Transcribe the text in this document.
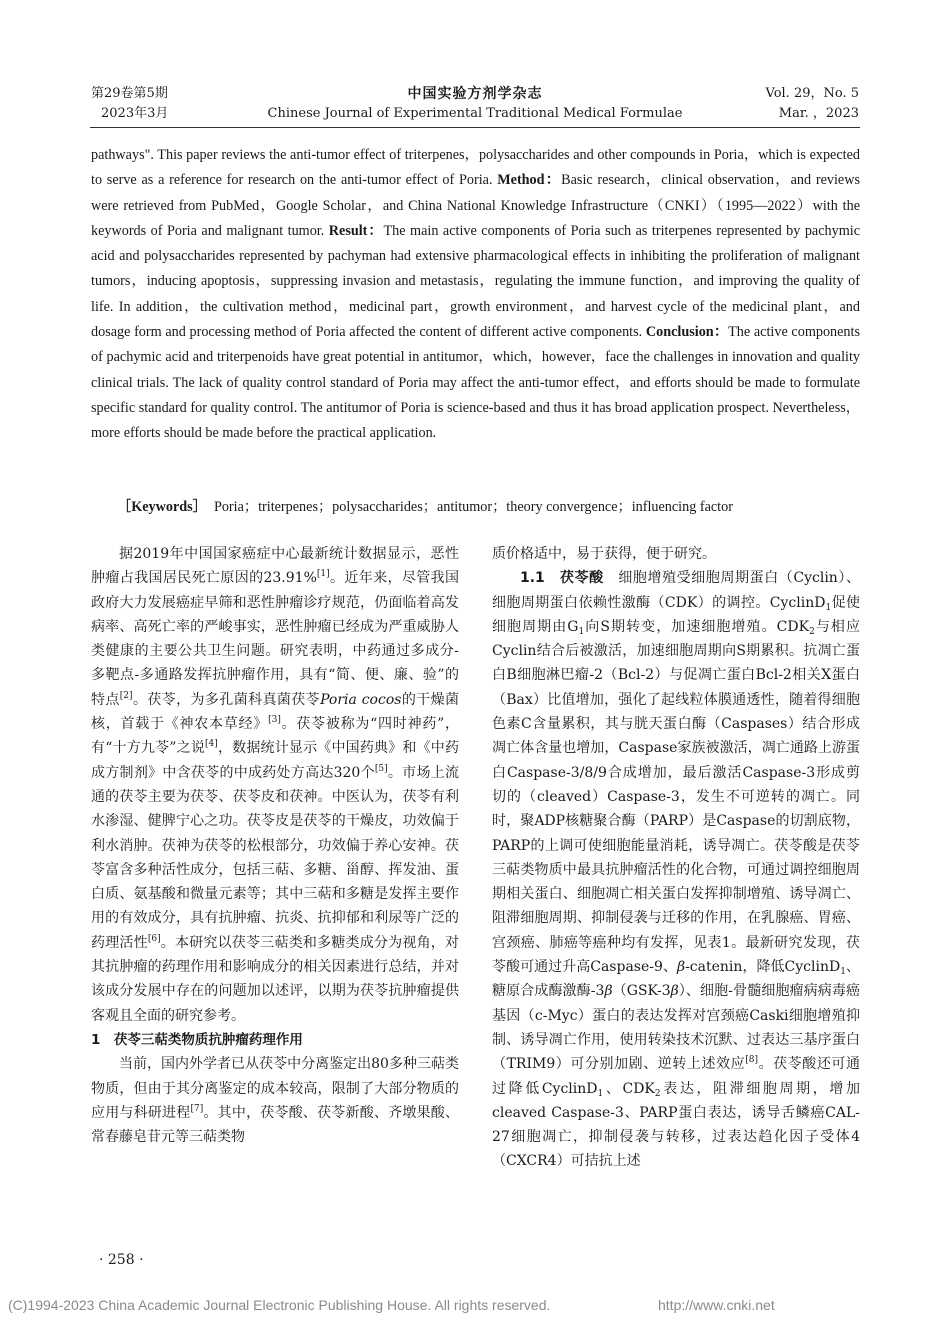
第29卷第5期
2023年3月
中国实验方剂学杂志
Chinese Journal of Experimental Traditional Medical Formulae
Vol. 29，No. 5
Mar. ，2023
pathways". This paper reviews the anti-tumor effect of triterpenes，polysaccharides and other compounds in Poria，which is expected to serve as a reference for research on the anti-tumor effect of Poria. Method：Basic research，clinical observation，and reviews were retrieved from PubMed，Google Scholar，and China National Knowledge Infrastructure（CNKI）（1995—2022）with the keywords of Poria and malignant tumor. Result：The main active components of Poria such as triterpenes represented by pachymic acid and polysaccharides represented by pachyman had extensive pharmacological effects in inhibiting the proliferation of malignant tumors，inducing apoptosis，suppressing invasion and metastasis，regulating the immune function，and improving the quality of life. In addition，the cultivation method，medicinal part，growth environment，and harvest cycle of the medicinal plant，and dosage form and processing method of Poria affected the content of different active components. Conclusion：The active components of pachymic acid and triterpenoids have great potential in antitumor，which，however，face the challenges in innovation and quality clinical trials. The lack of quality control standard of Poria may affect the anti-tumor effect，and efforts should be made to formulate specific standard for quality control. The antitumor of Poria is science-based and thus it has broad application prospect. Nevertheless，more efforts should be made before the practical application.
［Keywords］ Poria；triterpenes；polysaccharides；antitumor；theory convergence；influencing factor

据2019年中国国家癌症中心最新统计数据显示，恶性肿瘤占我国居民死亡原因的23.91%[1]。近年来，尽管我国政府大力发展癌症早筛和恶性肿瘤诊疗规范，仍面临着高发病率、高死亡率的严峻事实，恶性肿瘤已经成为严重威胁人类健康的主要公共卫生问题。研究表明，中药通过多成分-多靶点-多通路发挥抗肿瘤作用，具有“简、便、廉、验”的特点[2]。茯苓，为多孔菌科真菌茯苓Poria cocos的干燥菌核，首载于《神农本草经》[3]。茯苓被称为“四时神药”，有“十方九苓”之说[4]，数据统计显示《中国药典》和《中药成方制剂》中含茯苓的中成药处方高达320个[5]。市场上流通的茯苓主要为茯苓、茯苓皮和茯神。中医认为，茯苓有利水渗湿、健脾宁心之功。茯苓皮是茯苓的干燥皮，功效偏于利水消肿。茯神为茯苓的松根部分，功效偏于养心安神。茯苓富含多种活性成分，包括三萜、多糖、甾醇、挥发油、蛋白质、氨基酸和微量元素等；其中三萜和多糖是发挥主要作用的有效成分，具有抗肿瘤、抗炎、抗抑郁和利尿等广泛的药理活性[6]。本研究以茯苓三萜类和多糖类成分为视角，对其抗肿瘤的药理作用和影响成分的相关因素进行总结，并对该成分发展中存在的问题加以述评，以期为茯苓抗肿瘤提供客观且全面的研究参考。

1　茯苓三萜类物质抗肿瘤药理作用

当前，国内外学者已从茯苓中分离鉴定出80多种三萜类物质，但由于其分离鉴定的成本较高，限制了大部分物质的应用与科研进程[7]。其中，茯苓酸、茯苓新酸、齐墩果酸、常春藤皂苷元等三萜类物

质价格适中，易于获得，便于研究。

1.1　茯苓酸　细胞增殖受细胞周期蛋白（Cyclin）、细胞周期蛋白依赖性激酶（CDK）的调控。CyclinD$_1$促使细胞周期由$G_1$向S期转变，加速细胞增殖。$CDK_2$与相应Cyclin结合后被激活，加速细胞周期向S期累积。抗凋亡蛋白B细胞淋巴瘤-2（Bcl-2）与促凋亡蛋白Bcl-2相关X蛋白（Bax）比值增加，强化了起线粒体膜通透性，随着得细胞色素C含量累积，其与胱天蛋白酶（Caspases）结合形成凋亡体含量也增加，Caspase家族被激活，凋亡通路上游蛋白Caspase-3/8/9合成增加，最后激活Caspase-3形成剪切的（cleaved）Caspase-3，发生不可逆转的凋亡。同时，聚ADP核糖聚合酶（PARP）是Caspase的切割底物，PARP的上调可使细胞能量消耗，诱导凋亡。茯苓酸是茯苓三萜类物质中最具抗肿瘤活性的化合物，可通过调控细胞周期相关蛋白、细胞凋亡相关蛋白发挥抑制增殖、诱导凋亡、阻滞细胞周期、抑制侵袭与迁移的作用，在乳腺癌、胃癌、宫颈癌、肺癌等癌种均有发挥，见表1。最新研究发现，茯苓酸可通过升高Caspase-9、β-catenin，降低CyclinD$_1$、糖原合成酶激酶-3β（GSK-3β）、细胞-骨髓细胞瘤病病毒癌基因（c-Myc）蛋白的表达发挥对宫颈癌Caski细胞增殖抑制、诱导凋亡作用，使用转染技术沉默、过表达三基序蛋白（TRIM9）可分别加剧、逆转上述效应[8]。茯苓酸还可通过降低CyclinD$_1$、$CDK_2$表达，阻滞细胞周期，增加cleaved Caspase-3、PARP蛋白表达，诱导舌鳞癌CAL-27细胞凋亡，抑制侵袭与转移，过表达趋化因子受体4（CXCR4）可拮抗上述

· 258 ·
(C)1994-2023 China Academic Journal Electronic Publishing House. All rights reserved.	http://www.cnki.net
